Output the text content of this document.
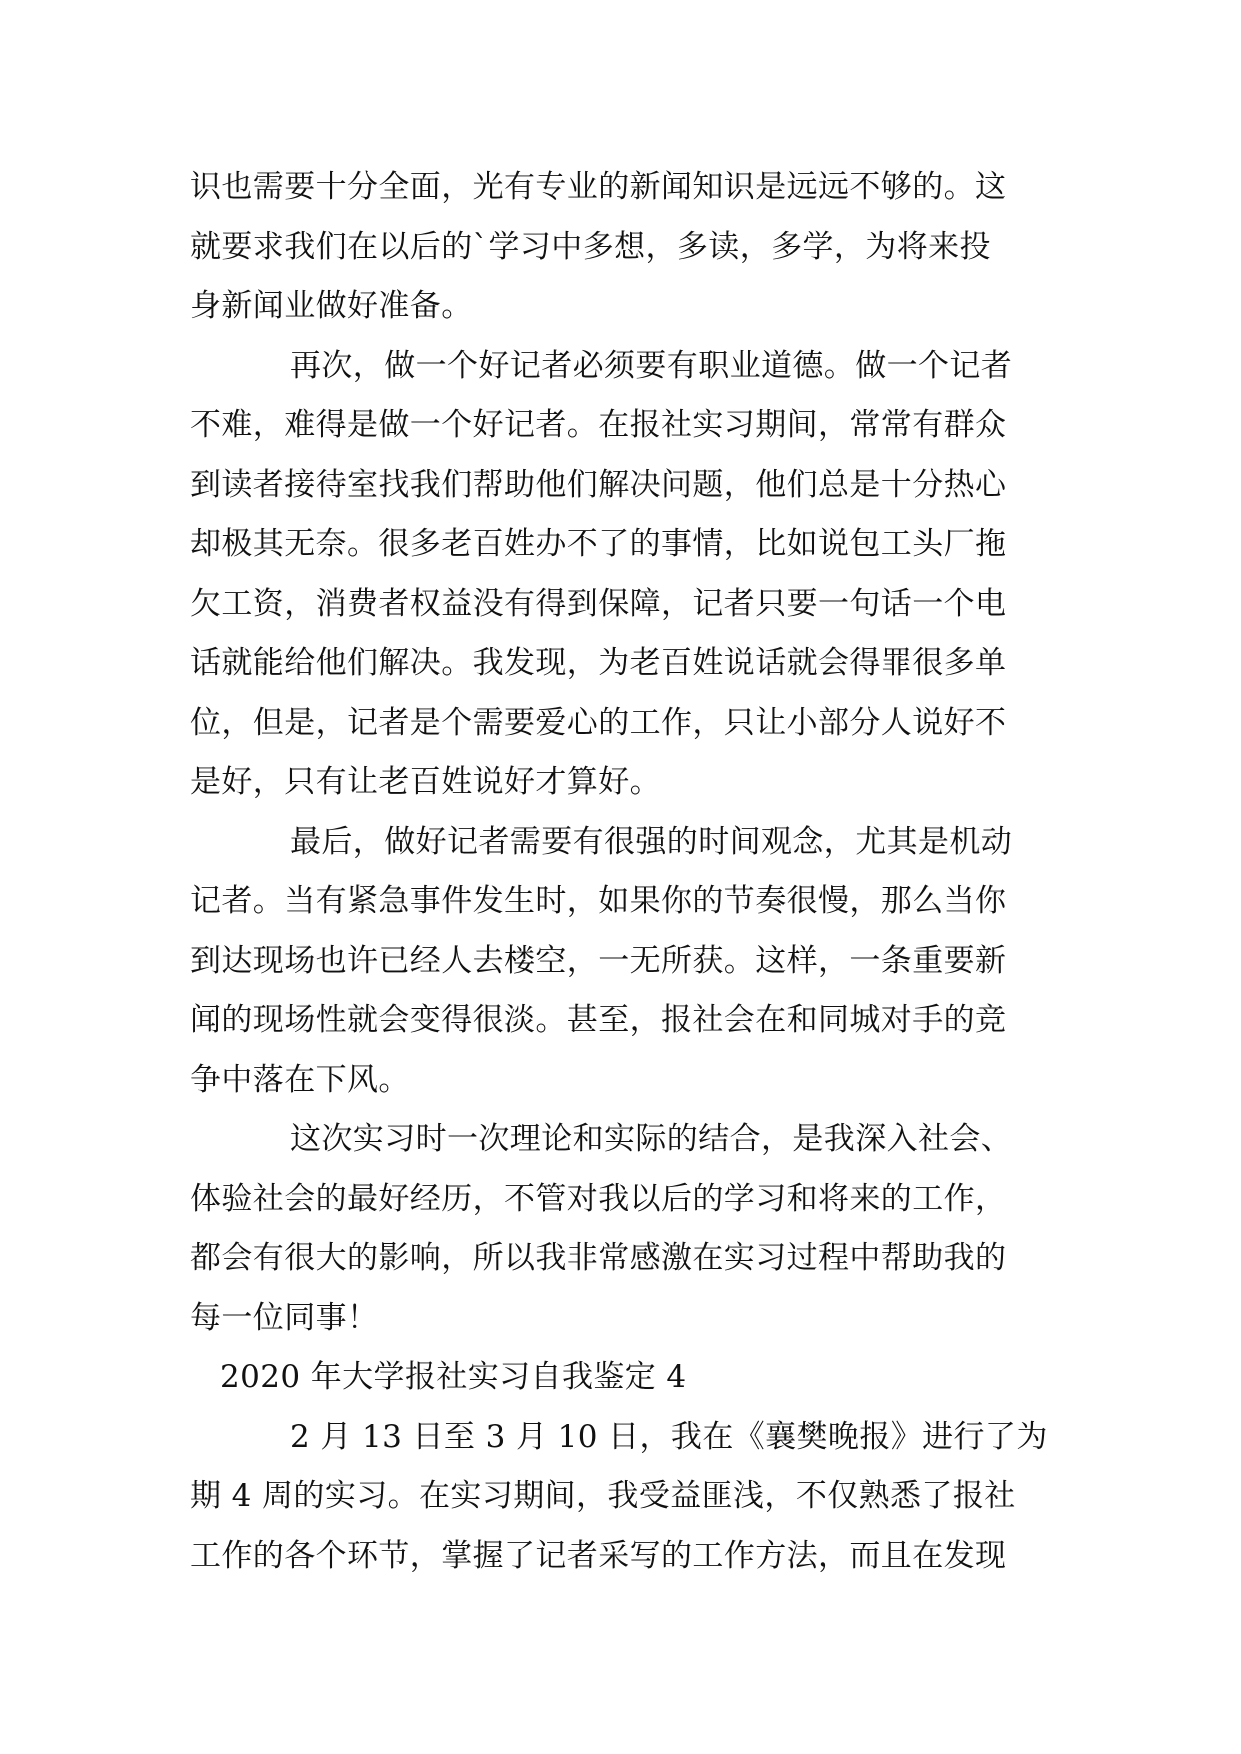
识也需要十分全面，光有专业的新闻知识是远远不够的。这
就要求我们在以后的`学习中多想，多读，多学，为将来投
身新闻业做好准备。
再次，做一个好记者必须要有职业道德。做一个记者
不难，难得是做一个好记者。在报社实习期间，常常有群众
到读者接待室找我们帮助他们解决问题，他们总是十分热心
却极其无奈。很多老百姓办不了的事情，比如说包工头厂拖
欠工资，消费者权益没有得到保障，记者只要一句话一个电
话就能给他们解决。我发现，为老百姓说话就会得罪很多单
位，但是，记者是个需要爱心的工作，只让小部分人说好不
是好，只有让老百姓说好才算好。
最后，做好记者需要有很强的时间观念，尤其是机动
记者。当有紧急事件发生时，如果你的节奏很慢，那么当你
到达现场也许已经人去楼空，一无所获。这样，一条重要新
闻的现场性就会变得很淡。甚至，报社会在和同城对手的竞
争中落在下风。
这次实习时一次理论和实际的结合，是我深入社会、
体验社会的最好经历，不管对我以后的学习和将来的工作，
都会有很大的影响，所以我非常感激在实习过程中帮助我的
每一位同事！
2020 年大学报社实习自我鉴定 4
2 月 13 日至 3 月 10 日，我在《襄樊晚报》进行了为
期 4 周的实习。在实习期间，我受益匪浅，不仅熟悉了报社
工作的各个环节，掌握了记者采写的工作方法，而且在发现
